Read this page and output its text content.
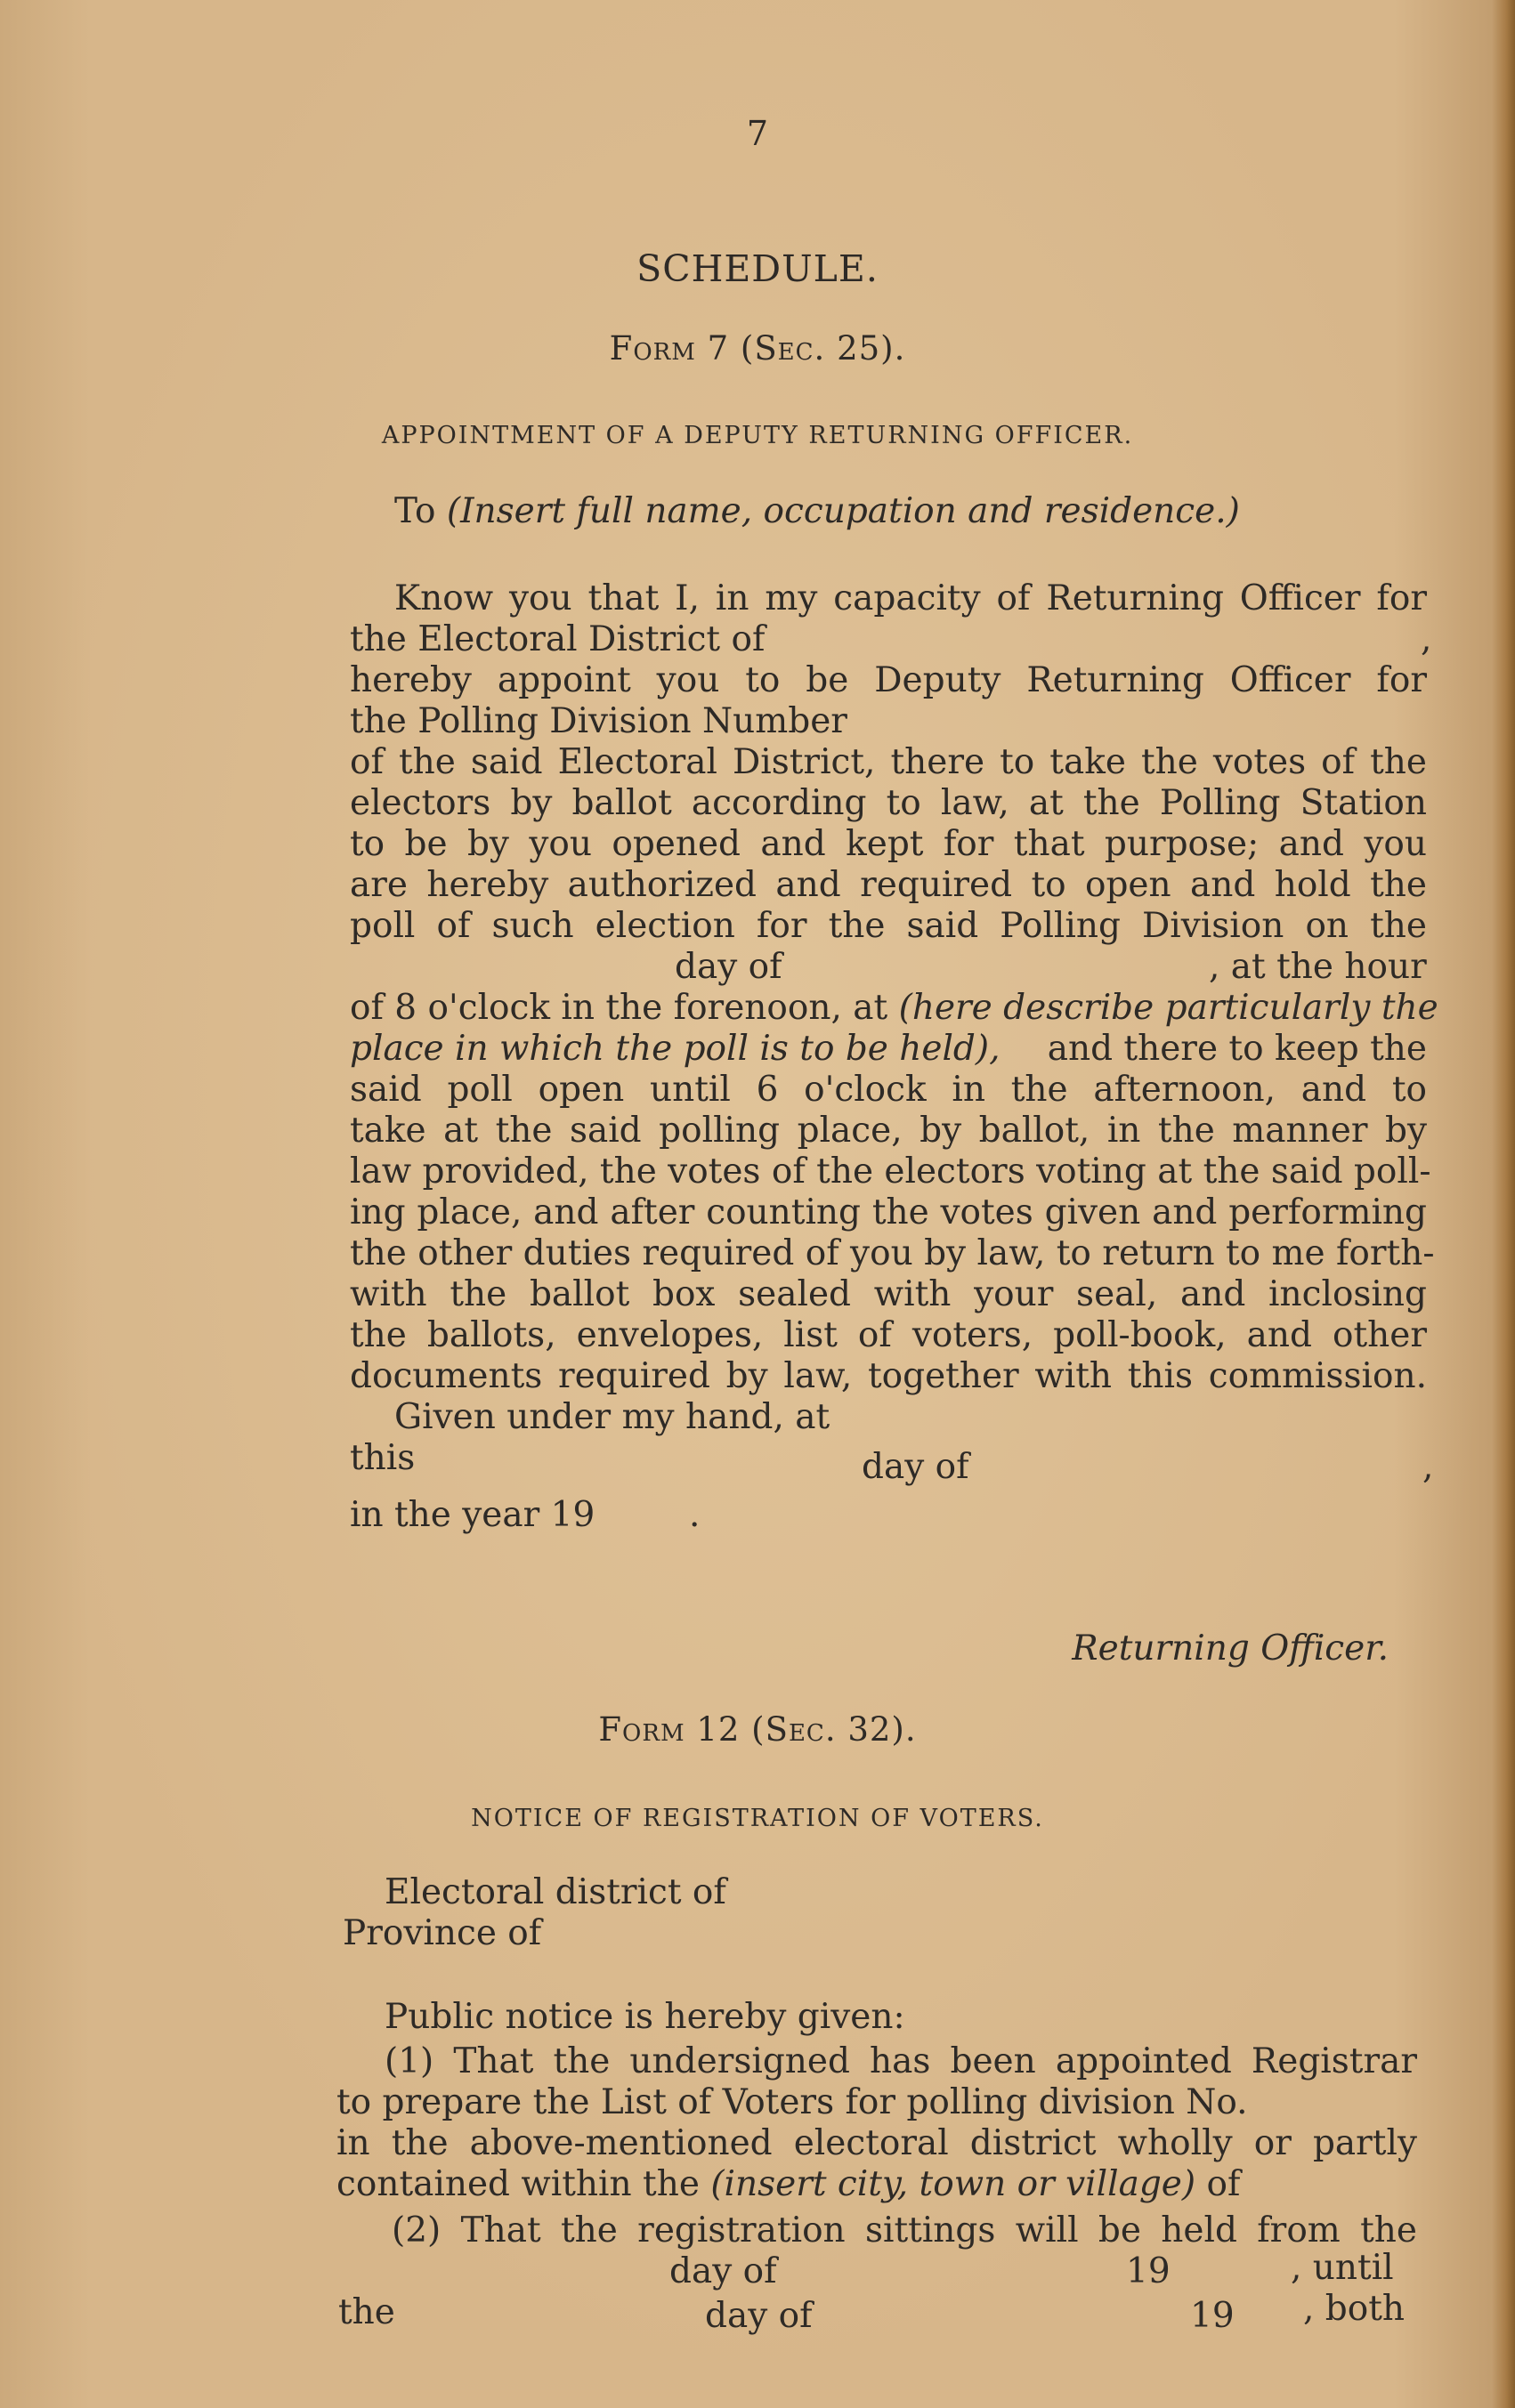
7
SCHEDULE.
Form 7 (Sec. 25).
APPOINTMENT OF A DEPUTY RETURNING OFFICER.
To (Insert full name, occupation and residence.)
Know you that I, in my capacity of Returning Officer for
the Electoral District of	,
hereby appoint you to be Deputy Returning Officer for
the Polling Division Number
of the said Electoral District, there to take the votes of the
electors by ballot according to law, at the Polling Station
to be by you opened and kept for that purpose; and you
are hereby authorized and required to open and hold the
poll of such election for the said Polling Division on the
day of	, at the hour
of 8 o'clock in the forenoon, at (here describe particularly the
place in which the poll is to be held), and there to keep the
said poll open until 6 o'clock in the afternoon, and to
take at the said polling place, by ballot, in the manner by
law provided, the votes of the electors voting at the said poll-
ing place, and after counting the votes given and performing
the other duties required of you by law, to return to me forth-
with the ballot box sealed with your seal, and inclosing
the ballots, envelopes, list of voters, poll-book, and other
documents required by law, together with this commission.
Given under my hand, at
this	day of	,
in the year 19	.
Returning Officer.
Form 12 (Sec. 32).
NOTICE OF REGISTRATION OF VOTERS.
Electoral district of
Province of
Public notice is hereby given:
(1) That the undersigned has been appointed Registrar
to prepare the List of Voters for polling division No.
in the above-mentioned electoral district wholly or partly
contained within the (insert city, town or village) of
(2) That the registration sittings will be held from the
day of	19	, until
the	day of	19 , both
